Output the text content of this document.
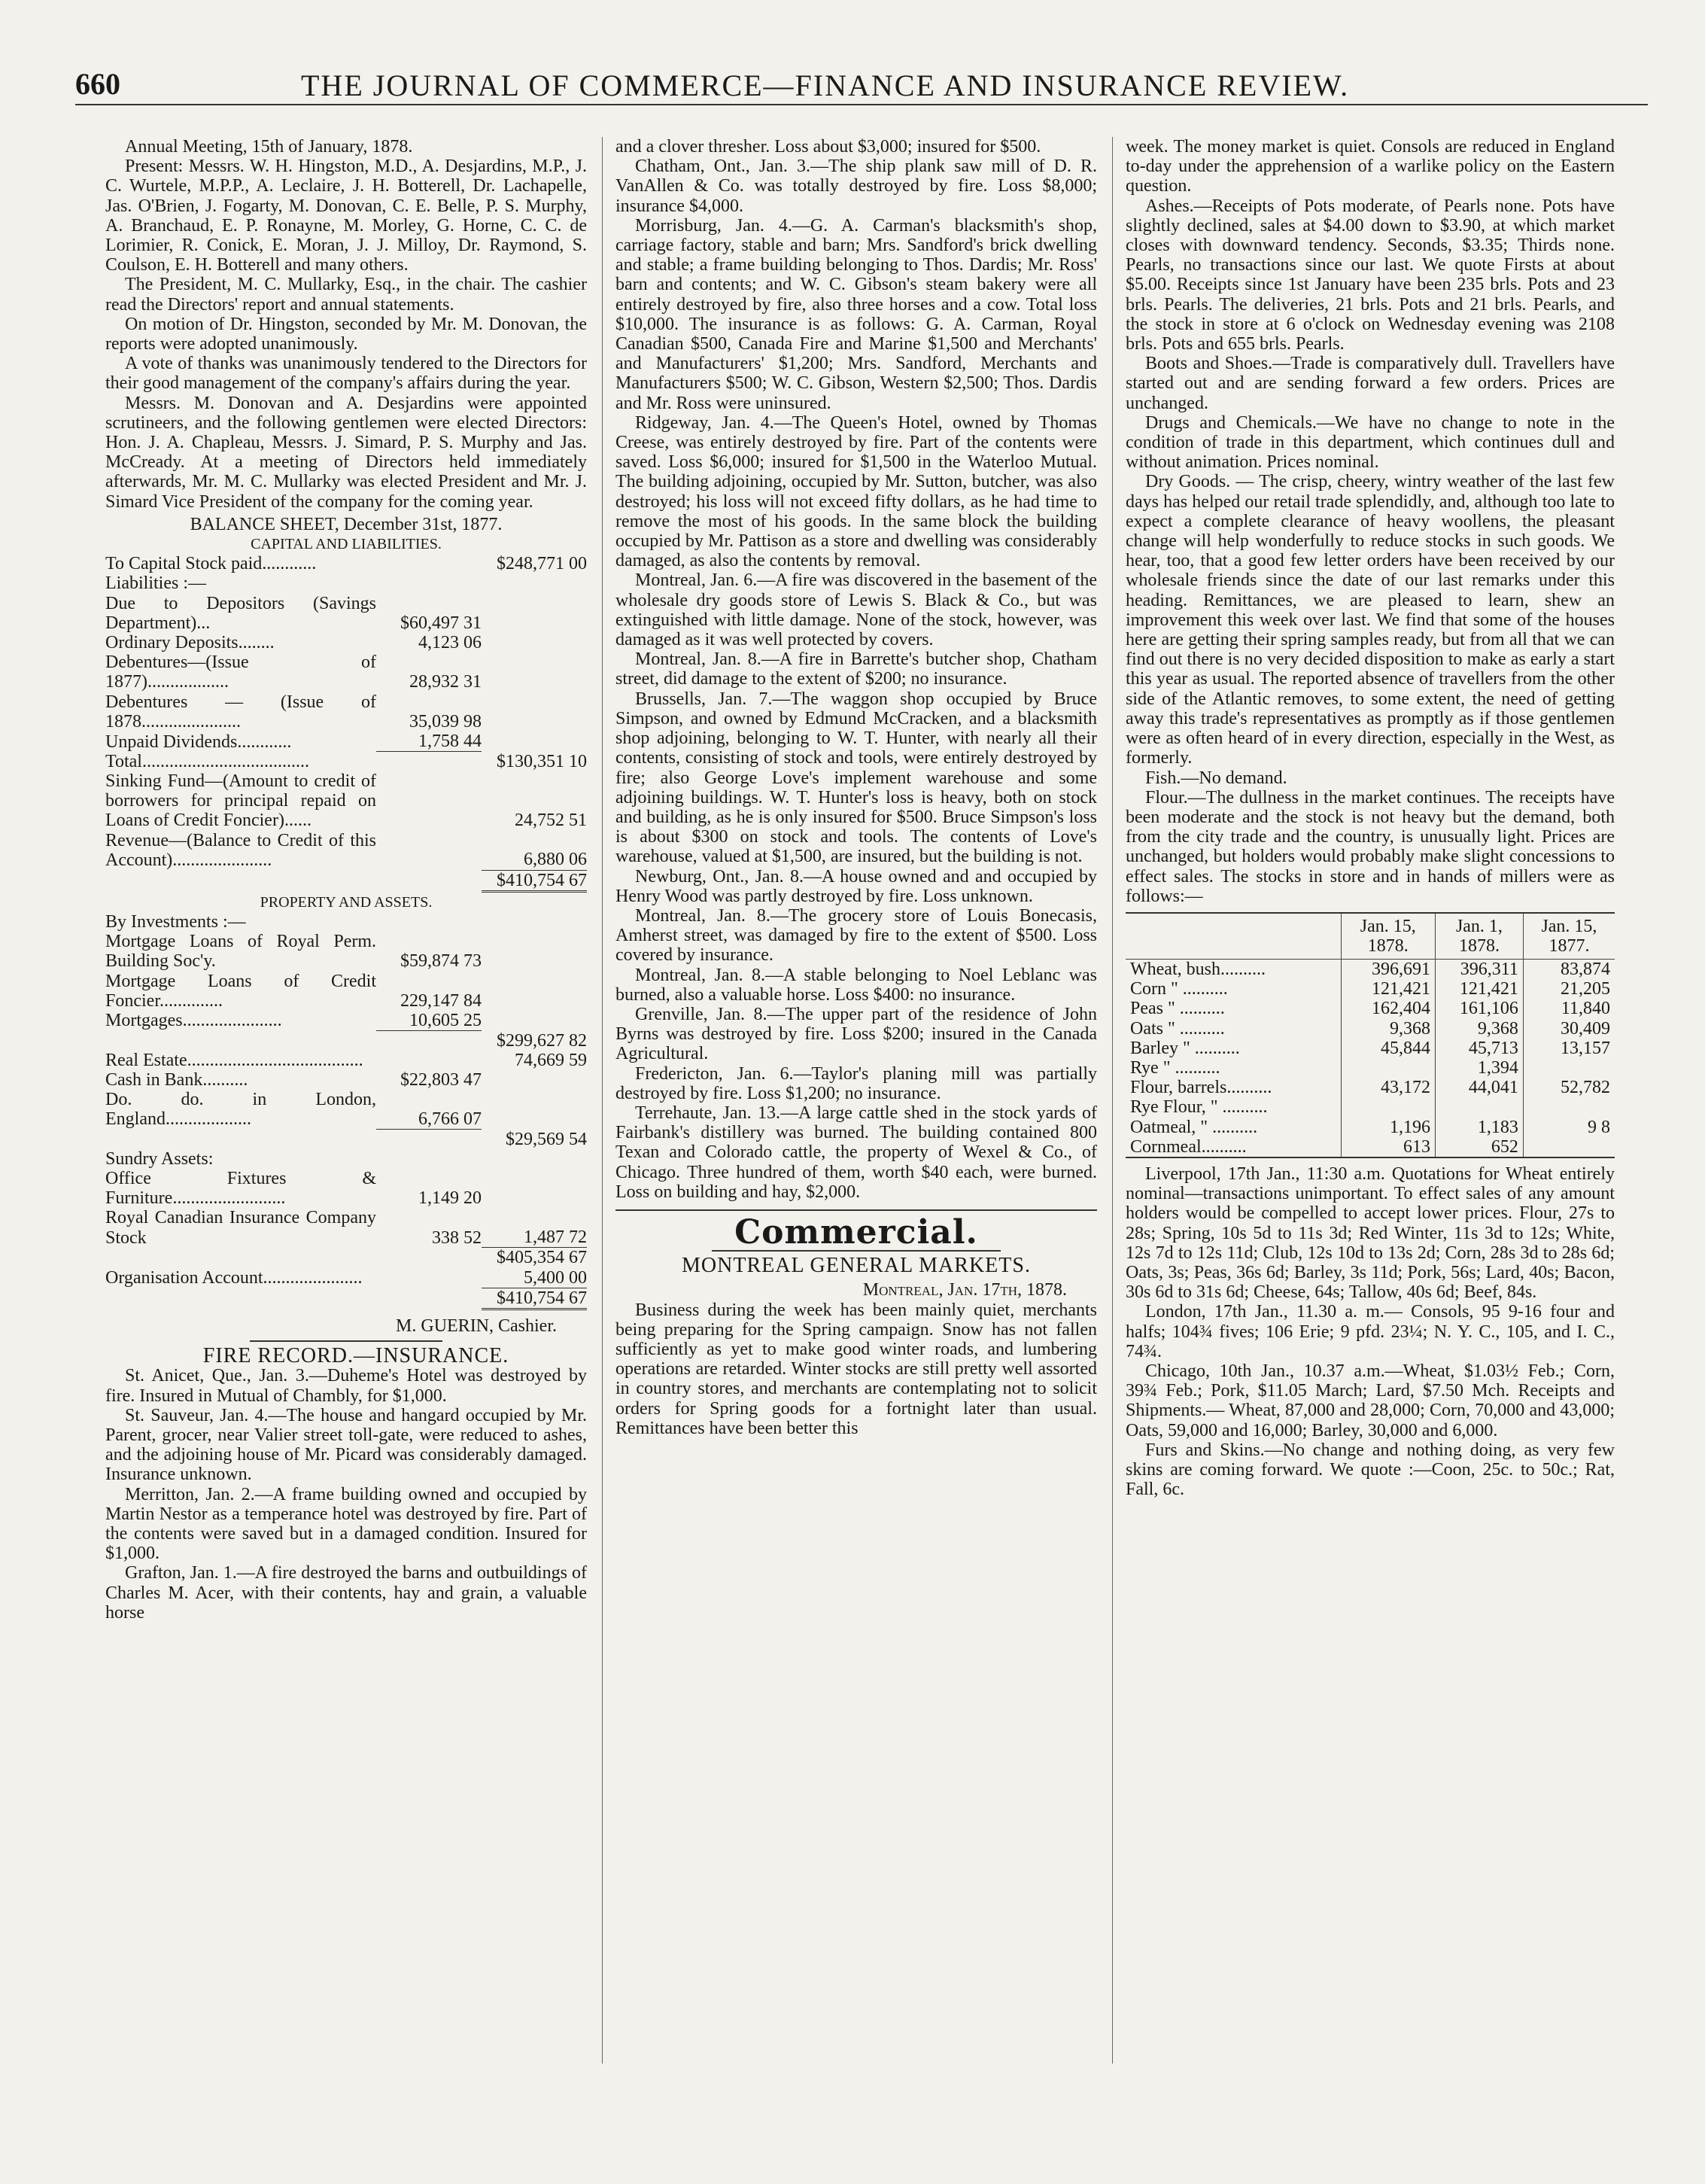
660	THE JOURNAL OF COMMERCE—FINANCE AND INSURANCE REVIEW.

Annual Meeting, 15th of January, 1878.

Present: Messrs. W. H. Hingston, M.D., A. Desjardins, M.P., J. C. Wurtele, M.P.P., A. Leclaire, J. H. Botterell, Dr. Lachapelle, Jas. O'Brien, J. Fogarty, M. Donovan, C. E. Belle, P. S. Murphy, A. Branchaud, E. P. Ronayne, M. Morley, G. Horne, C. C. de Lorimier, R. Conick, E. Moran, J. J. Milloy, Dr. Raymond, S. Coulson, E. H. Botterell and many others.

The President, M. C. Mullarky, Esq., in the chair. The cashier read the Directors' report and annual statements.

On motion of Dr. Hingston, seconded by Mr. M. Donovan, the reports were adopted unanimously.

A vote of thanks was unanimously tendered to the Directors for their good management of the company's affairs during the year.

Messrs. M. Donovan and A. Desjardins were appointed scrutineers, and the following gentlemen were elected Directors: Hon. J. A. Chapleau, Messrs. J. Simard, P. S. Murphy and Jas. McCready. At a meeting of Directors held immediately afterwards, Mr. M. C. Mullarky was elected President and Mr. J. Simard Vice President of the company for the coming year.

BALANCE SHEET, December 31st, 1877.

CAPITAL AND LIABILITIES.

To Capital Stock paid............		$248,771 00
Liabilities :—		
Due to Depositors (Savings Department)...	$60,497 31	
Ordinary Deposits........	4,123 06	
Debentures—(Issue of 1877)..................	28,932 31	
Debentures — (Issue of 1878......................	35,039 98	
Unpaid Dividends............	1,758 44	
Total.....................................		$130,351 10
Sinking Fund—(Amount to credit of borrowers for principal repaid on Loans of Credit Foncier)......		24,752 51
Revenue—(Balance to Credit of this Account)......................		6,880 06
		$410,754 67

PROPERTY AND ASSETS.

By Investments :—		
Mortgage Loans of Royal Perm. Building Soc'y.	$59,874 73	
Mortgage Loans of Credit Foncier..............	229,147 84	
Mortgages......................	10,605 25	
		$299,627 82
Real Estate.......................................		74,669 59
Cash in Bank..........	$22,803 47	
Do. do. in London, England...................	6,766 07	
		$29,569 54
Sundry Assets:		
Office Fixtures & Furniture.........................	1,149 20	
Royal Canadian Insurance Company Stock	338 52	1,487 72
		$405,354 67
Organisation Account......................		5,400 00
		$410,754 67

M. GUERIN, Cashier.

FIRE RECORD.—INSURANCE.

St. Anicet, Que., Jan. 3.—Duheme's Hotel was destroyed by fire. Insured in Mutual of Chambly, for $1,000.

St. Sauveur, Jan. 4.—The house and hangard occupied by Mr. Parent, grocer, near Valier street toll-gate, were reduced to ashes, and the adjoining house of Mr. Picard was considerably damaged. Insurance unknown.

Merritton, Jan. 2.—A frame building owned and occupied by Martin Nestor as a temperance hotel was destroyed by fire. Part of the contents were saved but in a damaged condition. Insured for $1,000.

Grafton, Jan. 1.—A fire destroyed the barns and outbuildings of Charles M. Acer, with their contents, hay and grain, a valuable horse

and a clover thresher. Loss about $3,000; insured for $500.

Chatham, Ont., Jan. 3.—The ship plank saw mill of D. R. VanAllen & Co. was totally destroyed by fire. Loss $8,000; insurance $4,000.

Morrisburg, Jan. 4.—G. A. Carman's blacksmith's shop, carriage factory, stable and barn; Mrs. Sandford's brick dwelling and stable; a frame building belonging to Thos. Dardis; Mr. Ross' barn and contents; and W. C. Gibson's steam bakery were all entirely destroyed by fire, also three horses and a cow. Total loss $10,000. The insurance is as follows: G. A. Carman, Royal Canadian $500, Canada Fire and Marine $1,500 and Merchants' and Manufacturers' $1,200; Mrs. Sandford, Merchants and Manufacturers $500; W. C. Gibson, Western $2,500; Thos. Dardis and Mr. Ross were uninsured.

Ridgeway, Jan. 4.—The Queen's Hotel, owned by Thomas Creese, was entirely destroyed by fire. Part of the contents were saved. Loss $6,000; insured for $1,500 in the Waterloo Mutual. The building adjoining, occupied by Mr. Sutton, butcher, was also destroyed; his loss will not exceed fifty dollars, as he had time to remove the most of his goods. In the same block the building occupied by Mr. Pattison as a store and dwelling was considerably damaged, as also the contents by removal.

Montreal, Jan. 6.—A fire was discovered in the basement of the wholesale dry goods store of Lewis S. Black & Co., but was extinguished with little damage. None of the stock, however, was damaged as it was well protected by covers.

Montreal, Jan. 8.—A fire in Barrette's butcher shop, Chatham street, did damage to the extent of $200; no insurance.

Brussells, Jan. 7.—The waggon shop occupied by Bruce Simpson, and owned by Edmund McCracken, and a blacksmith shop adjoining, belonging to W. T. Hunter, with nearly all their contents, consisting of stock and tools, were entirely destroyed by fire; also George Love's implement warehouse and some adjoining buildings. W. T. Hunter's loss is heavy, both on stock and building, as he is only insured for $500. Bruce Simpson's loss is about $300 on stock and tools. The contents of Love's warehouse, valued at $1,500, are insured, but the building is not.

Newburg, Ont., Jan. 8.—A house owned and and occupied by Henry Wood was partly destroyed by fire. Loss unknown.

Montreal, Jan. 8.—The grocery store of Louis Bonecasis, Amherst street, was damaged by fire to the extent of $500. Loss covered by insurance.

Montreal, Jan. 8.—A stable belonging to Noel Leblanc was burned, also a valuable horse. Loss $400: no insurance.

Grenville, Jan. 8.—The upper part of the residence of John Byrns was destroyed by fire. Loss $200; insured in the Canada Agricultural.

Fredericton, Jan. 6.—Taylor's planing mill was partially destroyed by fire. Loss $1,200; no insurance.

Terrehaute, Jan. 13.—A large cattle shed in the stock yards of Fairbank's distillery was burned. The building contained 800 Texan and Colorado cattle, the property of Wexel & Co., of Chicago. Three hundred of them, worth $40 each, were burned. Loss on building and hay, $2,000.

Commercial.
MONTREAL GENERAL MARKETS.

Montreal, Jan. 17th, 1878.

Business during the week has been mainly quiet, merchants being preparing for the Spring campaign. Snow has not fallen sufficiently as yet to make good winter roads, and lumbering operations are retarded. Winter stocks are still pretty well assorted in country stores, and merchants are contemplating not to solicit orders for Spring goods for a fortnight later than usual. Remittances have been better this

week. The money market is quiet. Consols are reduced in England to-day under the apprehension of a warlike policy on the Eastern question.

Ashes.—Receipts of Pots moderate, of Pearls none. Pots have slightly declined, sales at $4.00 down to $3.90, at which market closes with downward tendency. Seconds, $3.35; Thirds none. Pearls, no transactions since our last. We quote Firsts at about $5.00. Receipts since 1st January have been 235 brls. Pots and 23 brls. Pearls. The deliveries, 21 brls. Pots and 21 brls. Pearls, and the stock in store at 6 o'clock on Wednesday evening was 2108 brls. Pots and 655 brls. Pearls.

Boots and Shoes.—Trade is comparatively dull. Travellers have started out and are sending forward a few orders. Prices are unchanged.

Drugs and Chemicals.—We have no change to note in the condition of trade in this department, which continues dull and without animation. Prices nominal.

Dry Goods. — The crisp, cheery, wintry weather of the last few days has helped our retail trade splendidly, and, although too late to expect a complete clearance of heavy woollens, the pleasant change will help wonderfully to reduce stocks in such goods. We hear, too, that a good few letter orders have been received by our wholesale friends since the date of our last remarks under this heading. Remittances, we are pleased to learn, shew an improvement this week over last. We find that some of the houses here are getting their spring samples ready, but from all that we can find out there is no very decided disposition to make as early a start this year as usual. The reported absence of travellers from the other side of the Atlantic removes, to some extent, the need of getting away this trade's representatives as promptly as if those gentlemen were as often heard of in every direction, especially in the West, as formerly.

Fish.—No demand.

Flour.—The dullness in the market continues. The receipts have been moderate and the stock is not heavy but the demand, both from the city trade and the country, is unusually light. Prices are unchanged, but holders would probably make slight concessions to effect sales. The stocks in store and in hands of millers were as follows:—

	Jan. 15, 1878.	Jan. 1, 1878.	Jan. 15, 1877.
Wheat, bush..........	396,691	396,311	83,874
Corn " ..........	121,421	121,421	21,205
Peas " ..........	162,404	161,106	11,840
Oats " ..........	9,368	9,368	30,409
Barley " ..........	45,844	45,713	13,157
Rye " ..........		1,394	
Flour, barrels..........	43,172	44,041	52,782
Rye Flour, " ..........			
Oatmeal, " ..........	1,196	1,183	9 8
Cornmeal..........	613	652	

Liverpool, 17th Jan., 11:30 a.m. Quotations for Wheat entirely nominal—transactions unimportant. To effect sales of any amount holders would be compelled to accept lower prices. Flour, 27s to 28s; Spring, 10s 5d to 11s 3d; Red Winter, 11s 3d to 12s; White, 12s 7d to 12s 11d; Club, 12s 10d to 13s 2d; Corn, 28s 3d to 28s 6d; Oats, 3s; Peas, 36s 6d; Barley, 3s 11d; Pork, 56s; Lard, 40s; Bacon, 30s 6d to 31s 6d; Cheese, 64s; Tallow, 40s 6d; Beef, 84s.

London, 17th Jan., 11.30 a. m.— Consols, 95 9-16 four and halfs; 104¾ fives; 106 Erie; 9 pfd. 23¼; N. Y. C., 105, and I. C., 74¾.

Chicago, 10th Jan., 10.37 a.m.—Wheat, $1.03½ Feb.; Corn, 39¾ Feb.; Pork, $11.05 March; Lard, $7.50 Mch. Receipts and Shipments.— Wheat, 87,000 and 28,000; Corn, 70,000 and 43,000; Oats, 59,000 and 16,000; Barley, 30,000 and 6,000.

Furs and Skins.—No change and nothing doing, as very few skins are coming forward. We quote :—Coon, 25c. to 50c.; Rat, Fall, 6c.
